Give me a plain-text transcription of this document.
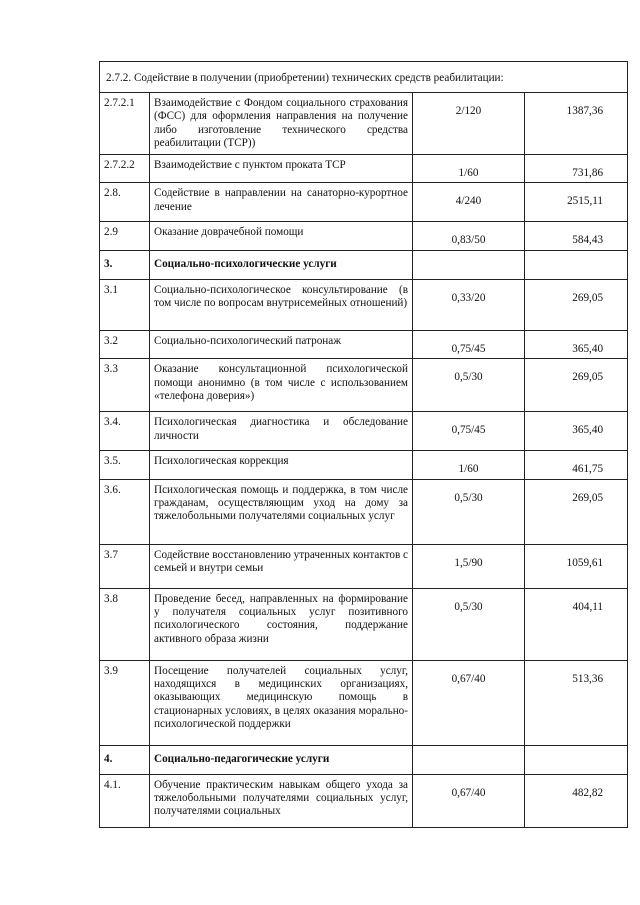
2.7.2. Содействие в получении (приобретении) технических средств реабилитации:			
2.7.2.1	Взаимодействие с Фондом социального страхования (ФСС) для оформления направления на получение либо изготовление технического средства реабилитации (ТСР))	2/120	1387,36
2.7.2.2	Взаимодействие с пунктом проката ТСР	1/60	731,86
2.8.	Содействие в направлении на санаторно-курортное лечение	4/240	2515,11
2.9	Оказание доврачебной помощи	0,83/50	584,43
3.	Социально-психологические услуги		
3.1	Социально-психологическое консультирование (в том числе по вопросам внутрисемейных отношений)	0,33/20	269,05
3.2	Социально-психологический патронаж	0,75/45	365,40
3.3	Оказание консультационной психологической помощи анонимно (в том числе с использованием «телефона доверия»)	0,5/30	269,05
3.4.	Психологическая диагностика и обследование личности	0,75/45	365,40
3.5.	Психологическая коррекция	1/60	461,75
3.6.	Психологическая помощь и поддержка, в том числе гражданам, осуществляющим уход на дому за тяжелобольными получателями социальных услуг	0,5/30	269,05
3.7	Содействие восстановлению утраченных контактов с семьей и внутри семьи	1,5/90	1059,61
3.8	Проведение бесед, направленных на формирование у получателя социальных услуг позитивного психологического состояния, поддержание активного образа жизни	0,5/30	404,11
3.9	Посещение получателей социальных услуг, находящихся в медицинских организациях, оказывающих медицинскую помощь в стационарных условиях, в целях оказания морально-психологической поддержки	0,67/40	513,36
4.	Социально-педагогические услуги		
4.1.	Обучение практическим навыкам общего ухода за тяжелобольными получателями социальных услуг, получателями социальных	0,67/40	482,82
